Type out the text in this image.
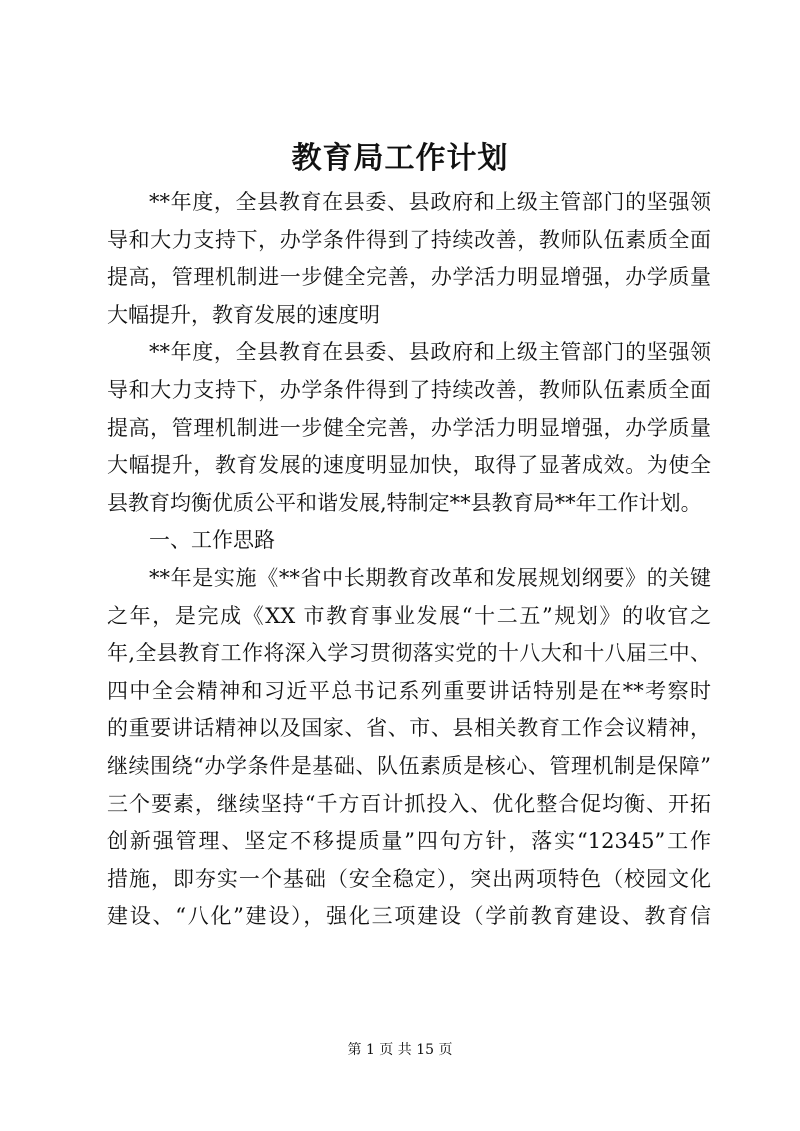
教育局工作计划
**年度，全县教育在县委、县政府和上级主管部门的坚强领
导和大力支持下，办学条件得到了持续改善，教师队伍素质全面
提高，管理机制进一步健全完善，办学活力明显增强，办学质量
大幅提升，教育发展的速度明
**年度，全县教育在县委、县政府和上级主管部门的坚强领
导和大力支持下，办学条件得到了持续改善，教师队伍素质全面
提高，管理机制进一步健全完善，办学活力明显增强，办学质量
大幅提升，教育发展的速度明显加快，取得了显著成效。为使全
县教育均衡优质公平和谐发展,特制定**县教育局**年工作计划。
一、工作思路
**年是实施《**省中长期教育改革和发展规划纲要》的关键
之年，是完成《XX 市教育事业发展“十二五”规划》的收官之
年,全县教育工作将深入学习贯彻落实党的十八大和十八届三中、
四中全会精神和习近平总书记系列重要讲话特别是在**考察时
的重要讲话精神以及国家、省、市、县相关教育工作会议精神，
继续围绕“办学条件是基础、队伍素质是核心、管理机制是保障”
三个要素，继续坚持“千方百计抓投入、优化整合促均衡、开拓
创新强管理、坚定不移提质量”四句方针，落实“12345”工作
措施，即夯实一个基础（安全稳定），突出两项特色（校园文化
建设、“八化”建设），强化三项建设（学前教育建设、教育信
第 1 页 共 15 页
